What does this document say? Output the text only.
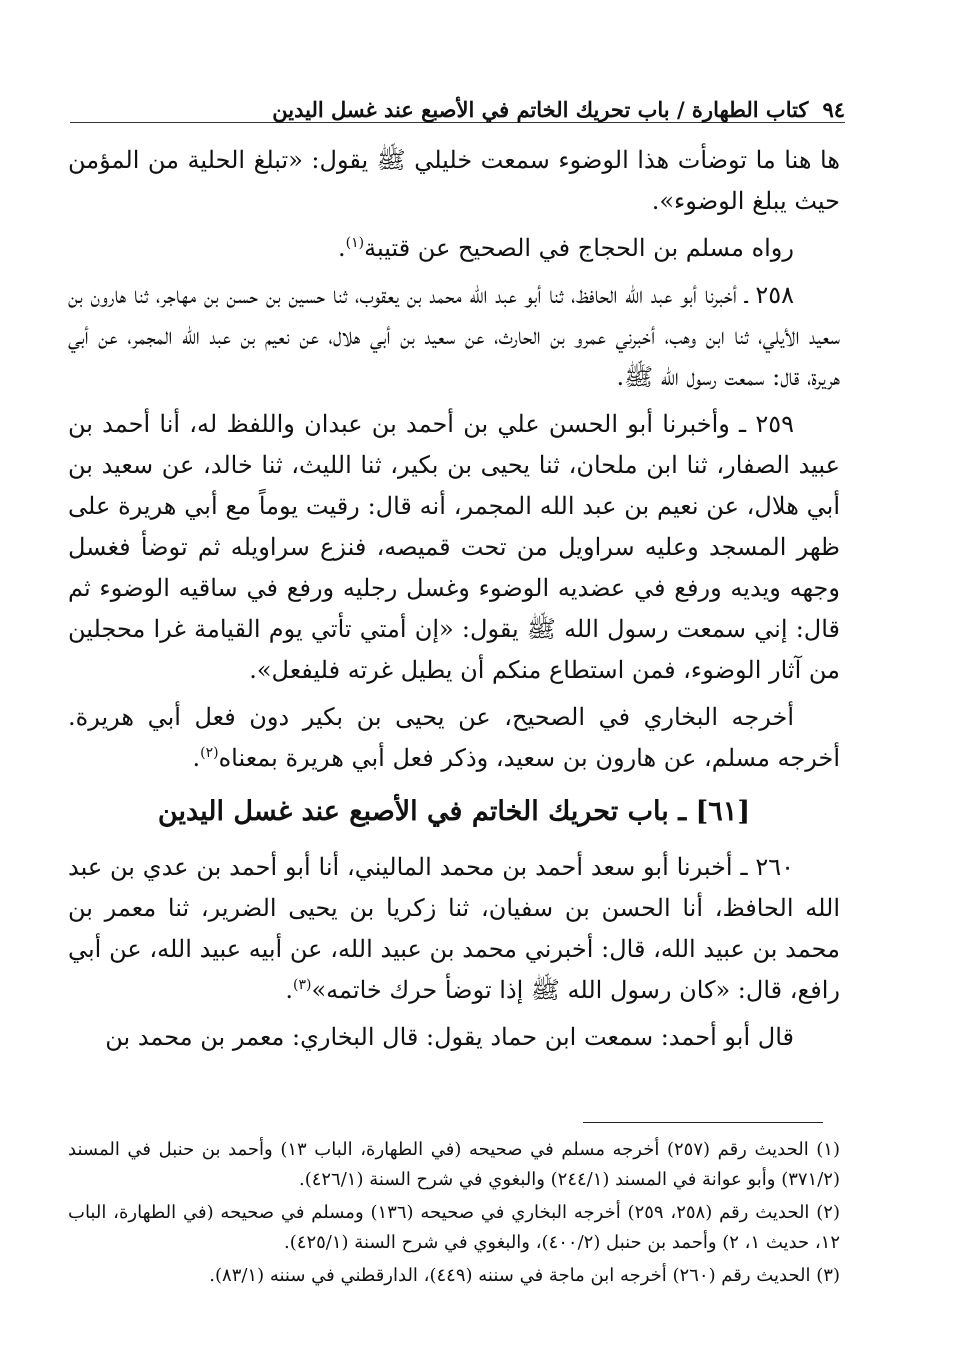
٩٤
كتاب الطهارة / باب تحريك الخاتم في الأصبع عند غسل اليدين

ها هنا ما توضأت هذا الوضوء سمعت خليلي ﷺ يقول: «تبلغ الحلية من المؤمن حيث يبلغ الوضوء».

رواه مسلم بن الحجاج في الصحيح عن قتيبة$^{(١)}$.

٢٥٨ ـ أخبرنا أبو عبد الله الحافظ، ثنا أبو عبد الله محمد بن يعقوب، ثنا حسين بن حسن بن مهاجر، ثنا هارون بن سعيد الأيلي، ثنا ابن وهب، أخبرني عمرو بن الحارث، عن سعيد بن أبي هلال، عن نعيم بن عبد الله المجمر، عن أبي هريرة، قال: سمعت رسول الله ﷺ.

٢٥٩ ـ وأخبرنا أبو الحسن علي بن أحمد بن عبدان واللفظ له، أنا أحمد بن عبيد الصفار، ثنا ابن ملحان، ثنا يحيى بن بكير، ثنا الليث، ثنا خالد، عن سعيد بن أبي هلال، عن نعيم بن عبد الله المجمر، أنه قال: رقيت يوماً مع أبي هريرة على ظهر المسجد وعليه سراويل من تحت قميصه، فنزع سراويله ثم توضأ فغسل وجهه ويديه ورفع في عضديه الوضوء وغسل رجليه ورفع في ساقيه الوضوء ثم قال: إني سمعت رسول الله ﷺ يقول: «إن أمتي تأتي يوم القيامة غرا محجلين من آثار الوضوء، فمن استطاع منكم أن يطيل غرته فليفعل».

أخرجه البخاري في الصحيح، عن يحيى بن بكير دون فعل أبي هريرة. أخرجه مسلم، عن هارون بن سعيد، وذكر فعل أبي هريرة بمعناه$^{(٢)}$.

[٦١] ـ باب تحريك الخاتم في الأصبع عند غسل اليدين

٢٦٠ ـ أخبرنا أبو سعد أحمد بن محمد الماليني، أنا أبو أحمد بن عدي بن عبد الله الحافظ، أنا الحسن بن سفيان، ثنا زكريا بن يحيى الضرير، ثنا معمر بن محمد بن عبيد الله، قال: أخبرني محمد بن عبيد الله، عن أبيه عبيد الله، عن أبي رافع، قال: «كان رسول الله ﷺ إذا توضأ حرك خاتمه»$^{(٣)}$.

قال أبو أحمد: سمعت ابن حماد يقول: قال البخاري: معمر بن محمد بن

(١) الحديث رقم (٢٥٧) أخرجه مسلم في صحيحه (في الطهارة، الباب ١٣) وأحمد بن حنبل في المسند (٣٧١/٢) وأبو عوانة في المسند (٢٤٤/١) والبغوي في شرح السنة (٤٢٦/١).

(٢) الحديث رقم (٢٥٨، ٢٥٩) أخرجه البخاري في صحيحه (١٣٦) ومسلم في صحيحه (في الطهارة، الباب ١٢، حديث ١، ٢) وأحمد بن حنبل (٤٠٠/٢)، والبغوي في شرح السنة (٤٢٥/١).

(٣) الحديث رقم (٢٦٠) أخرجه ابن ماجة في سننه (٤٤٩)، الدارقطني في سننه (٨٣/١).
